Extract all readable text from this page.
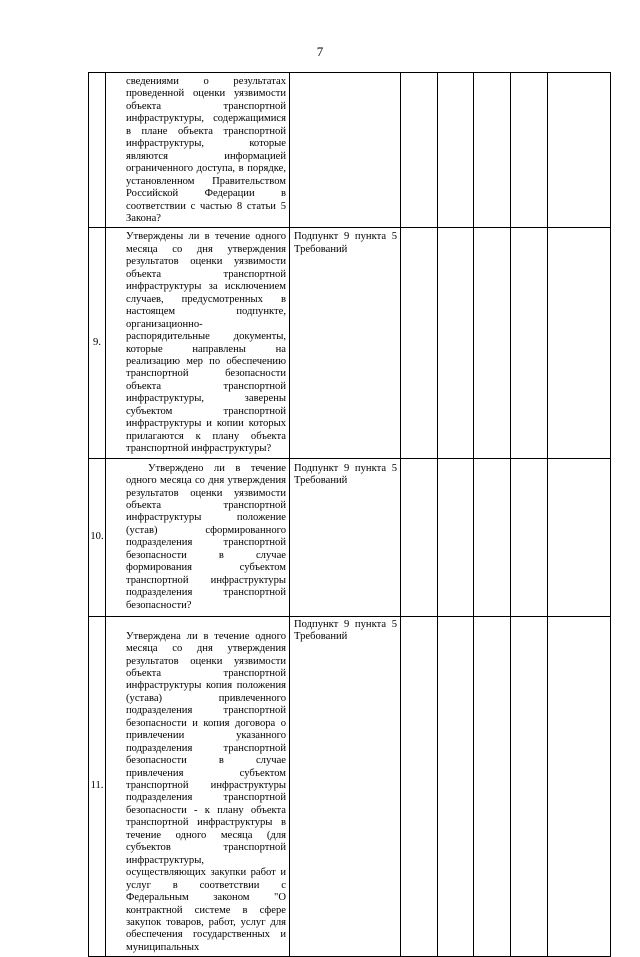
7
	сведениями о результатах проведенной оценки уязвимости объекта транспортной инфраструктуры, содержащимися в плане объекта транспортной инфраструктуры, которые являются информацией ограниченного доступа, в порядке, установленном Правительством Российской Федерации в соответствии с частью 8 статьи 5 Закона?						
9.	Утверждены ли в течение одного месяца со дня утверждения результатов оценки уязвимости объекта транспортной инфраструктуры за исключением случаев, предусмотренных в настоящем подпункте, организационно-распорядительные документы, которые направлены на реализацию мер по обеспечению транспортной безопасности объекта транспортной инфраструктуры, заверены субъектом транспортной инфраструктуры и копии которых прилагаются к плану объекта транспортной инфраструктуры?	Подпункт 9 пункта 5 Требований					
10.	Утверждено ли в течение одного месяца со дня утверждения результатов оценки уязвимости объекта транспортной инфраструктуры положение (устав) сформированного подразделения транспортной безопасности в случае формирования субъектом транспортной инфраструктуры подразделения транспортной безопасности?	Подпункт 9 пункта 5 Требований					
11.	Утверждена ли в течение одного месяца со дня утверждения результатов оценки уязвимости объекта транспортной инфраструктуры копия положения (устава) привлеченного подразделения транспортной безопасности и копия договора о привлечении указанного подразделения транспортной безопасности в случае привлечения субъектом транспортной инфраструктуры подразделения транспортной безопасности - к плану объекта транспортной инфраструктуры в течение одного месяца (для субъектов транспортной инфраструктуры, осуществляющих закупки работ и услуг в соответствии с Федеральным законом "О контрактной системе в сфере закупок товаров, работ, услуг для обеспечения государственных и муниципальных	Подпункт 9 пункта 5 Требований					
